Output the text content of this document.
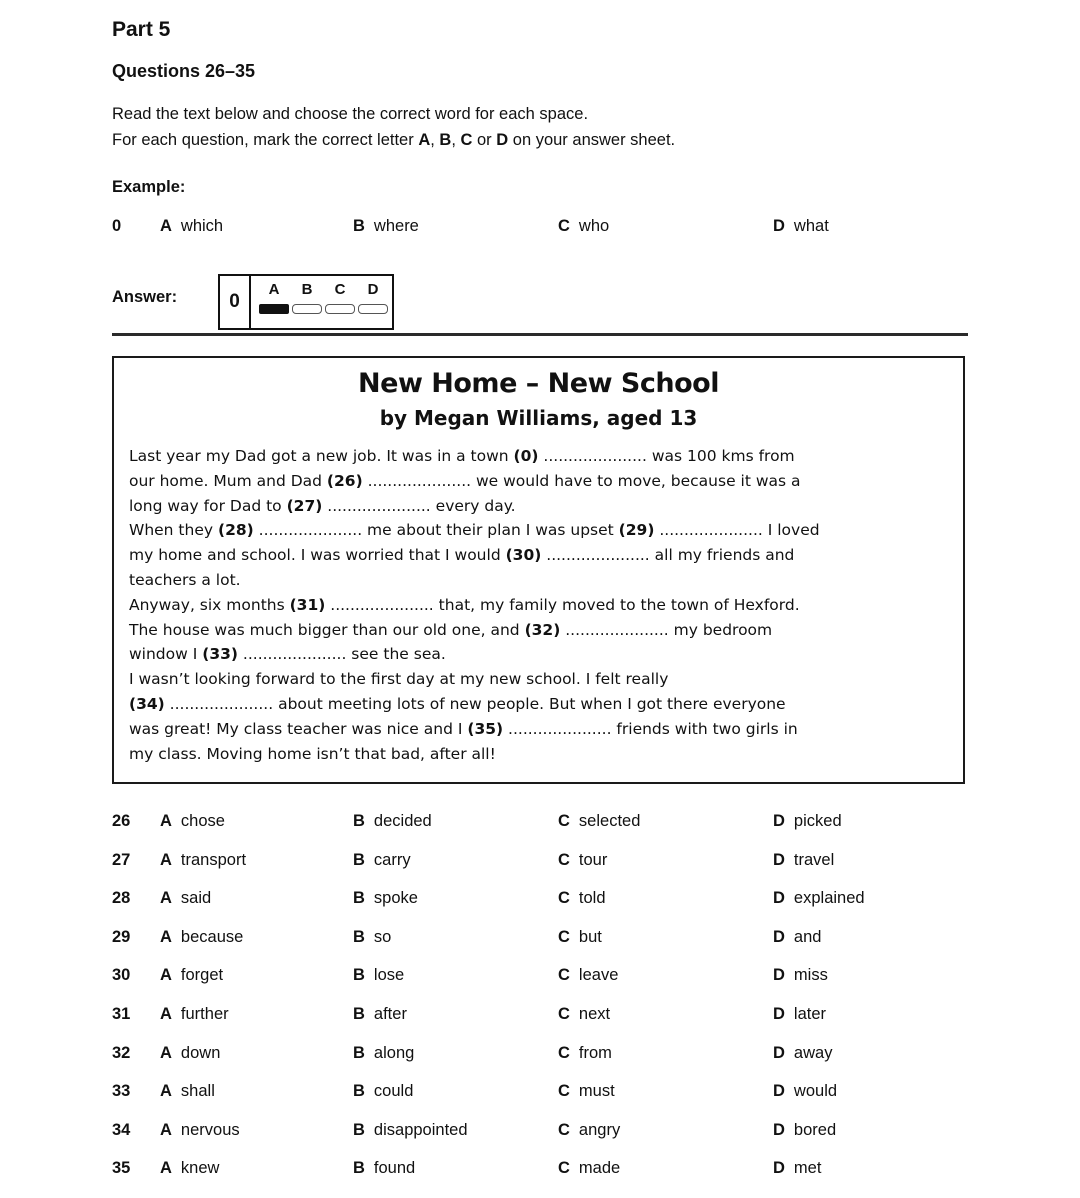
Part 5
Questions 26–35
Read the text below and choose the correct word for each space.
For each question, mark the correct letter A, B, C or D on your answer sheet.
Example:
0 A which	B where	C who	D what
Answer:	0
A B C D
New Home – New School
by Megan Williams, aged 13
Last year my Dad got a new job. It was in a town (0) ..................... was 100 kms from
our home. Mum and Dad (26) ..................... we would have to move, because it was a
long way for Dad to (27) ..................... every day.
When they (28) ..................... me about their plan I was upset (29) ..................... I loved
my home and school. I was worried that I would (30) ..................... all my friends and
teachers a lot.
Anyway, six months (31) ..................... that, my family moved to the town of Hexford.
The house was much bigger than our old one, and (32) ..................... my bedroom
window I (33) ..................... see the sea.
I wasn’t looking forward to the first day at my new school. I felt really
(34) ..................... about meeting lots of new people. But when I got there everyone
was great! My class teacher was nice and I (35) ..................... friends with two girls in
my class. Moving home isn’t that bad, after all!
26 A chose	B decided	C selected	D picked
27 A transport	B carry	C tour	D travel
28 A said	B spoke	C told	D explained
29 A because	B so	C but	D and
30 A forget	B lose	C leave	D miss
31 A further	B after	C next	D later
32 A down	B along	C from	D away
33 A shall	B could	C must	D would
34 A nervous	B disappointed	C angry	D bored
35 A knew	B found	C made	D met
